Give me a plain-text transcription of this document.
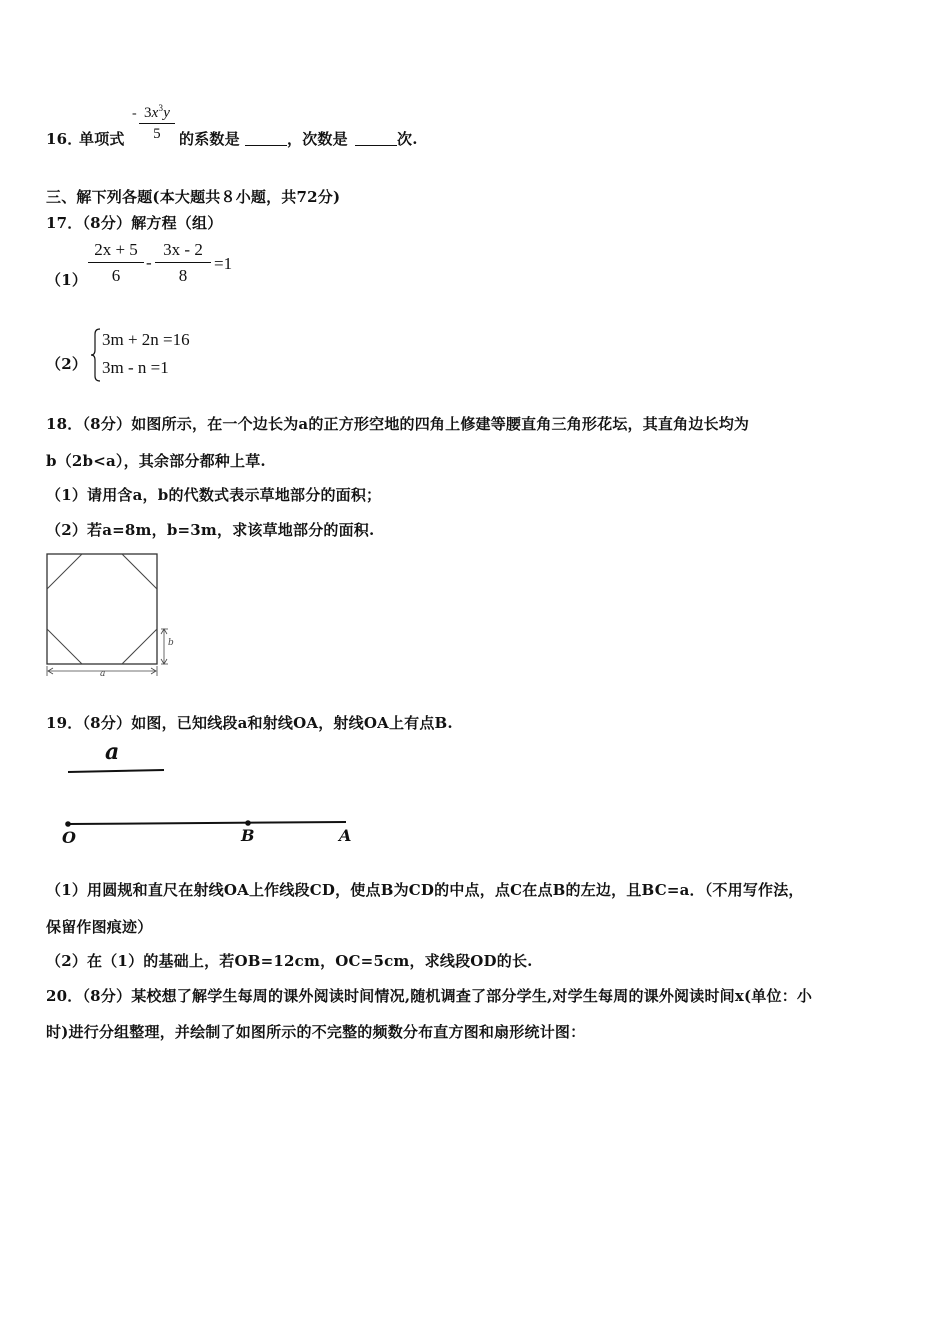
16．
单项式
- $\frac{3x^3y}{5}$ 的系数是	，次数是	次.
三、解下列各题(本大题共８小题，共72分)
17．（8分）解方程（组）
$(1) \frac{2x + 5}{6} - \frac{3x - 2}{8} =1$
（2）
3m + 2n =16
3m - n =1
18．（8分）如图所示，在一个边长为a的正方形空地的四角上修建等腰直角三角形花坛，其直角边长均为
b（2b<a），其余部分都种上草.
（1）请用含a，b的代数式表示草地部分的面积；
（2）若a=8m，b=3m，求该草地部分的面积.
b
a
19．（8分）如图，已知线段a和射线OA，射线OA上有点B.
a
O	B	A
（1）用圆规和直尺在射线OA上作线段CD，使点B为CD的中点，点C在点B的左边，且BC=a．（不用写作法，
保留作图痕迹）
（2）在（1）的基础上，若OB=12cm，OC=5cm，求线段OD的长.
20．（8分）某校想了解学生每周的课外阅读时间情况,随机调查了部分学生,对学生每周的课外阅读时间x(单位：小
时)进行分组整理，并绘制了如图所示的不完整的频数分布直方图和扇形统计图：
